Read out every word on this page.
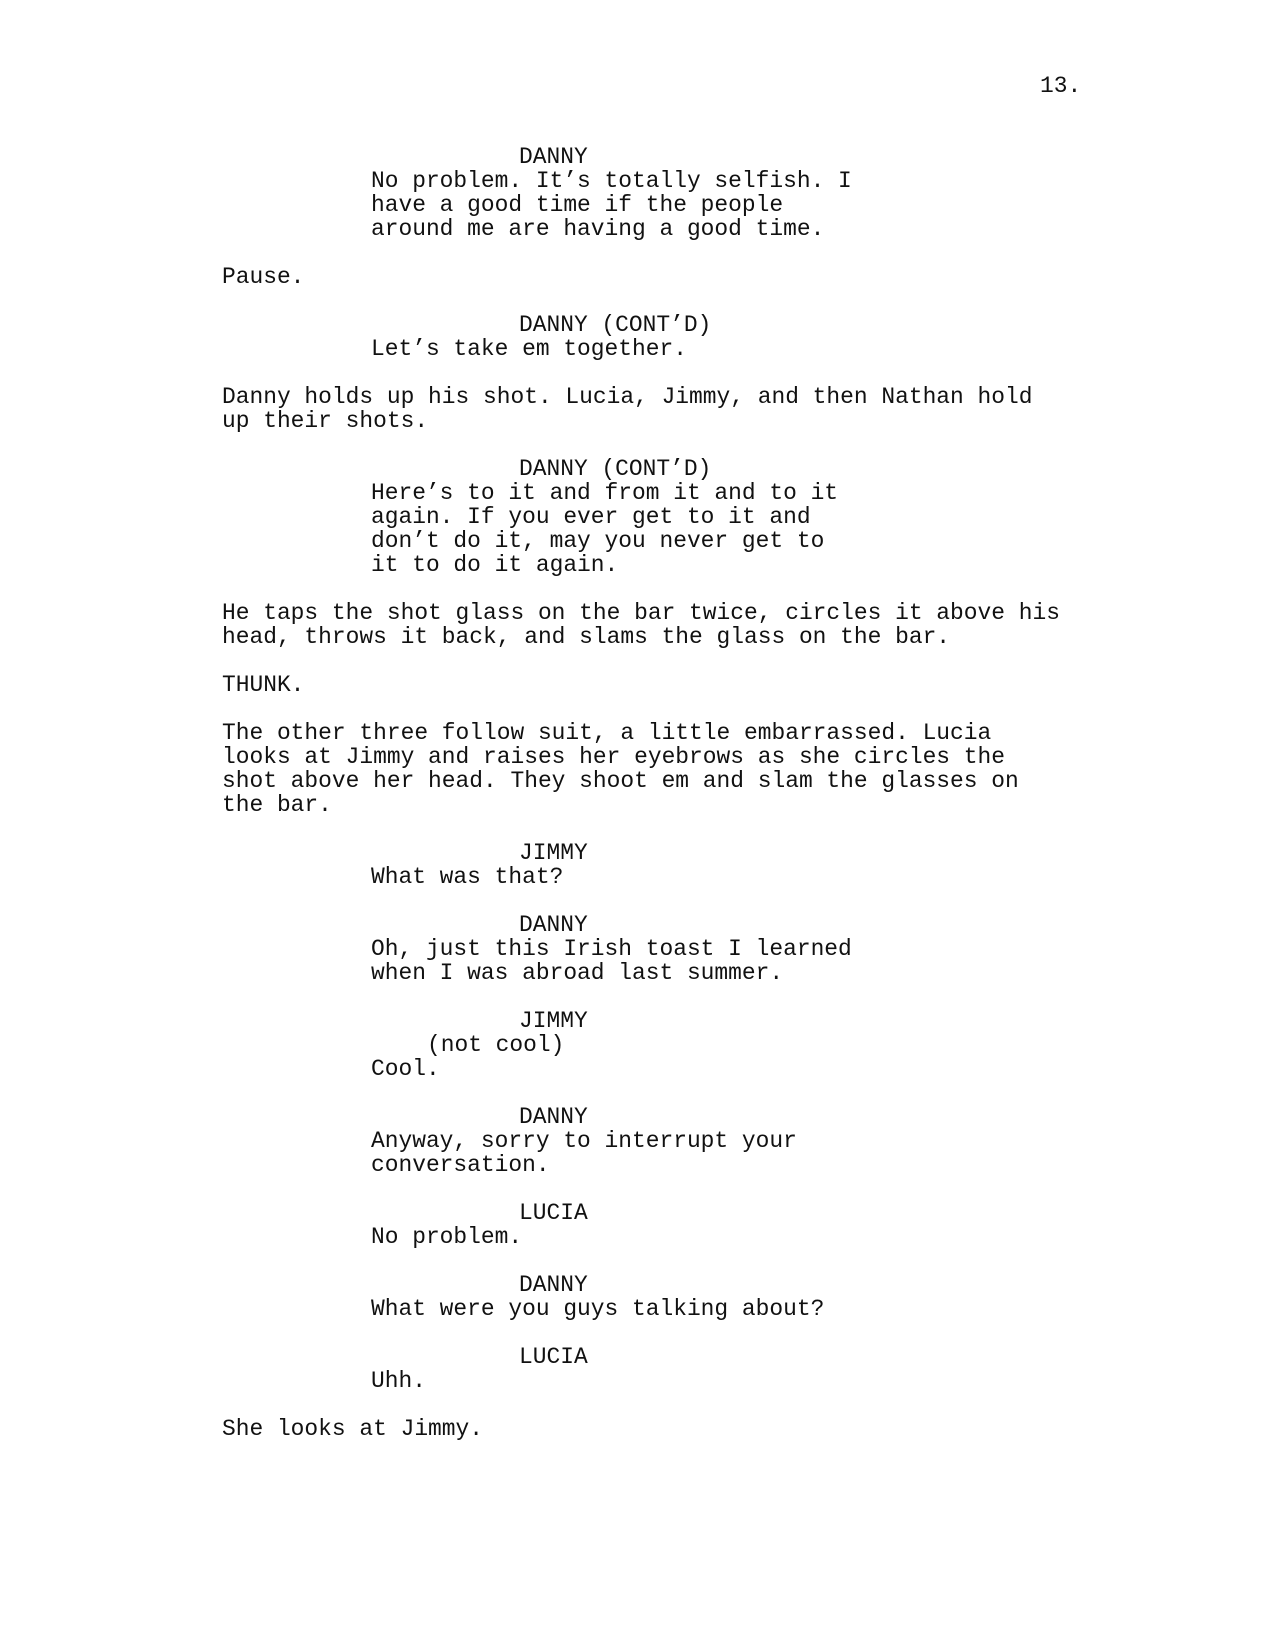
13.
DANNY
No problem. It’s totally selfish. I
have a good time if the people
around me are having a good time.
Pause.
DANNY (CONT’D)
Let’s take em together.
Danny holds up his shot. Lucia, Jimmy, and then Nathan hold
up their shots.
DANNY (CONT’D)
Here’s to it and from it and to it
again. If you ever get to it and
don’t do it, may you never get to
it to do it again.
He taps the shot glass on the bar twice, circles it above his
head, throws it back, and slams the glass on the bar.
THUNK.
The other three follow suit, a little embarrassed. Lucia
looks at Jimmy and raises her eyebrows as she circles the
shot above her head. They shoot em and slam the glasses on
the bar.
JIMMY
What was that?
DANNY
Oh, just this Irish toast I learned
when I was abroad last summer.
JIMMY
(not cool)
Cool.
DANNY
Anyway, sorry to interrupt your
conversation.
LUCIA
No problem.
DANNY
What were you guys talking about?
LUCIA
Uhh.
She looks at Jimmy.
